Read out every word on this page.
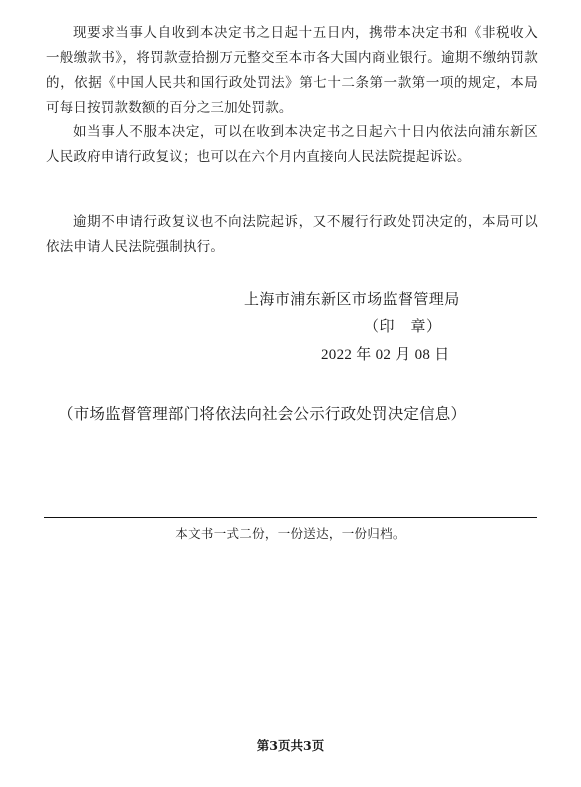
现要求当事人自收到本决定书之日起十五日内，携带本决定书和《非税收入一般缴款书》，将罚款壹拾捌万元整交至本市各大国内商业银行。逾期不缴纳罚款的，依据《中国人民共和国行政处罚法》第七十二条第一款第一项的规定，本局可每日按罚款数额的百分之三加处罚款。

如当事人不服本决定，可以在收到本决定书之日起六十日内依法向浦东新区人民政府申请行政复议；也可以在六个月内直接向人民法院提起诉讼。

逾期不申请行政复议也不向法院起诉，又不履行行政处罚决定的，本局可以依法申请人民法院强制执行。

上海市浦东新区市场监督管理局
（印　章）
2022 年 02 月 08 日
（市场监督管理部门将依法向社会公示行政处罚决定信息）
本文书一式二份，一份送达，一份归档。
第3页共3页
